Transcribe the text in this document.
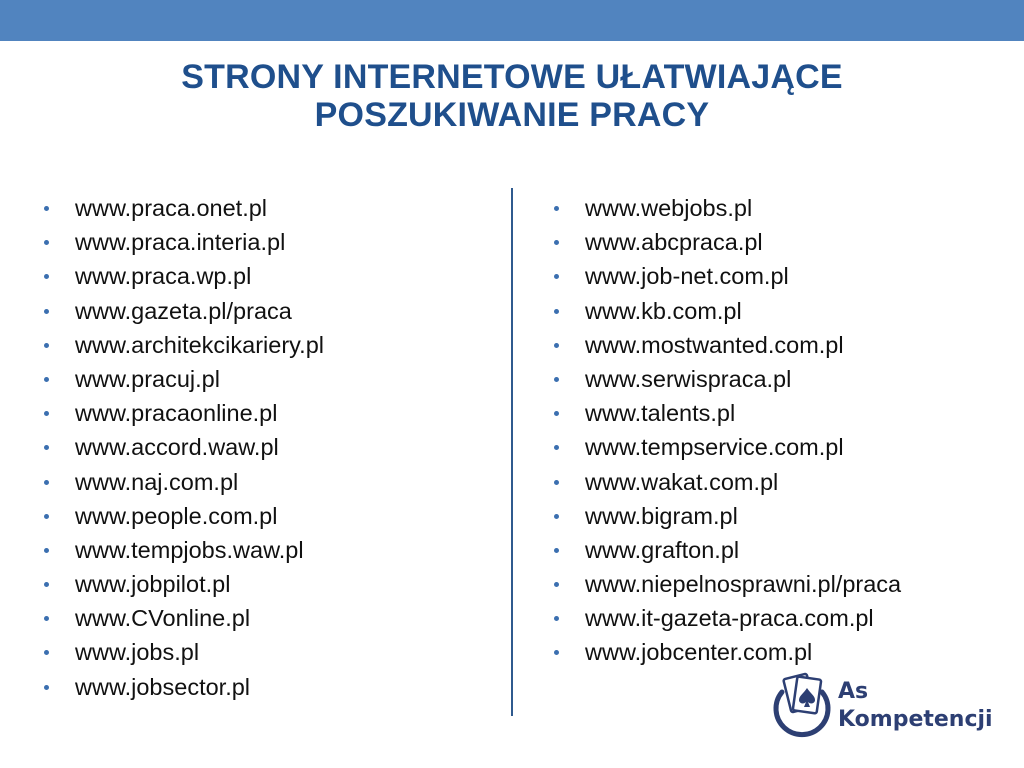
STRONY INTERNETOWE UŁATWIAJĄCE
POSZUKIWANIE PRACY
www.praca.onet.pl
www.praca.interia.pl
www.praca.wp.pl
www.gazeta.pl/praca
www.architekcikariery.pl
www.pracuj.pl
www.pracaonline.pl
www.accord.waw.pl
www.naj.com.pl
www.people.com.pl
www.tempjobs.waw.pl
www.jobpilot.pl
www.CVonline.pl
www.jobs.pl
www.jobsector.pl
www.webjobs.pl
www.abcpraca.pl
www.job-net.com.pl
www.kb.com.pl
www.mostwanted.com.pl
www.serwispraca.pl
www.talents.pl
www.tempservice.com.pl
www.wakat.com.pl
www.bigram.pl
www.grafton.pl
www.niepelnosprawni.pl/praca
www.it-gazeta-praca.com.pl
www.jobcenter.com.pl
As
Kompetencji
